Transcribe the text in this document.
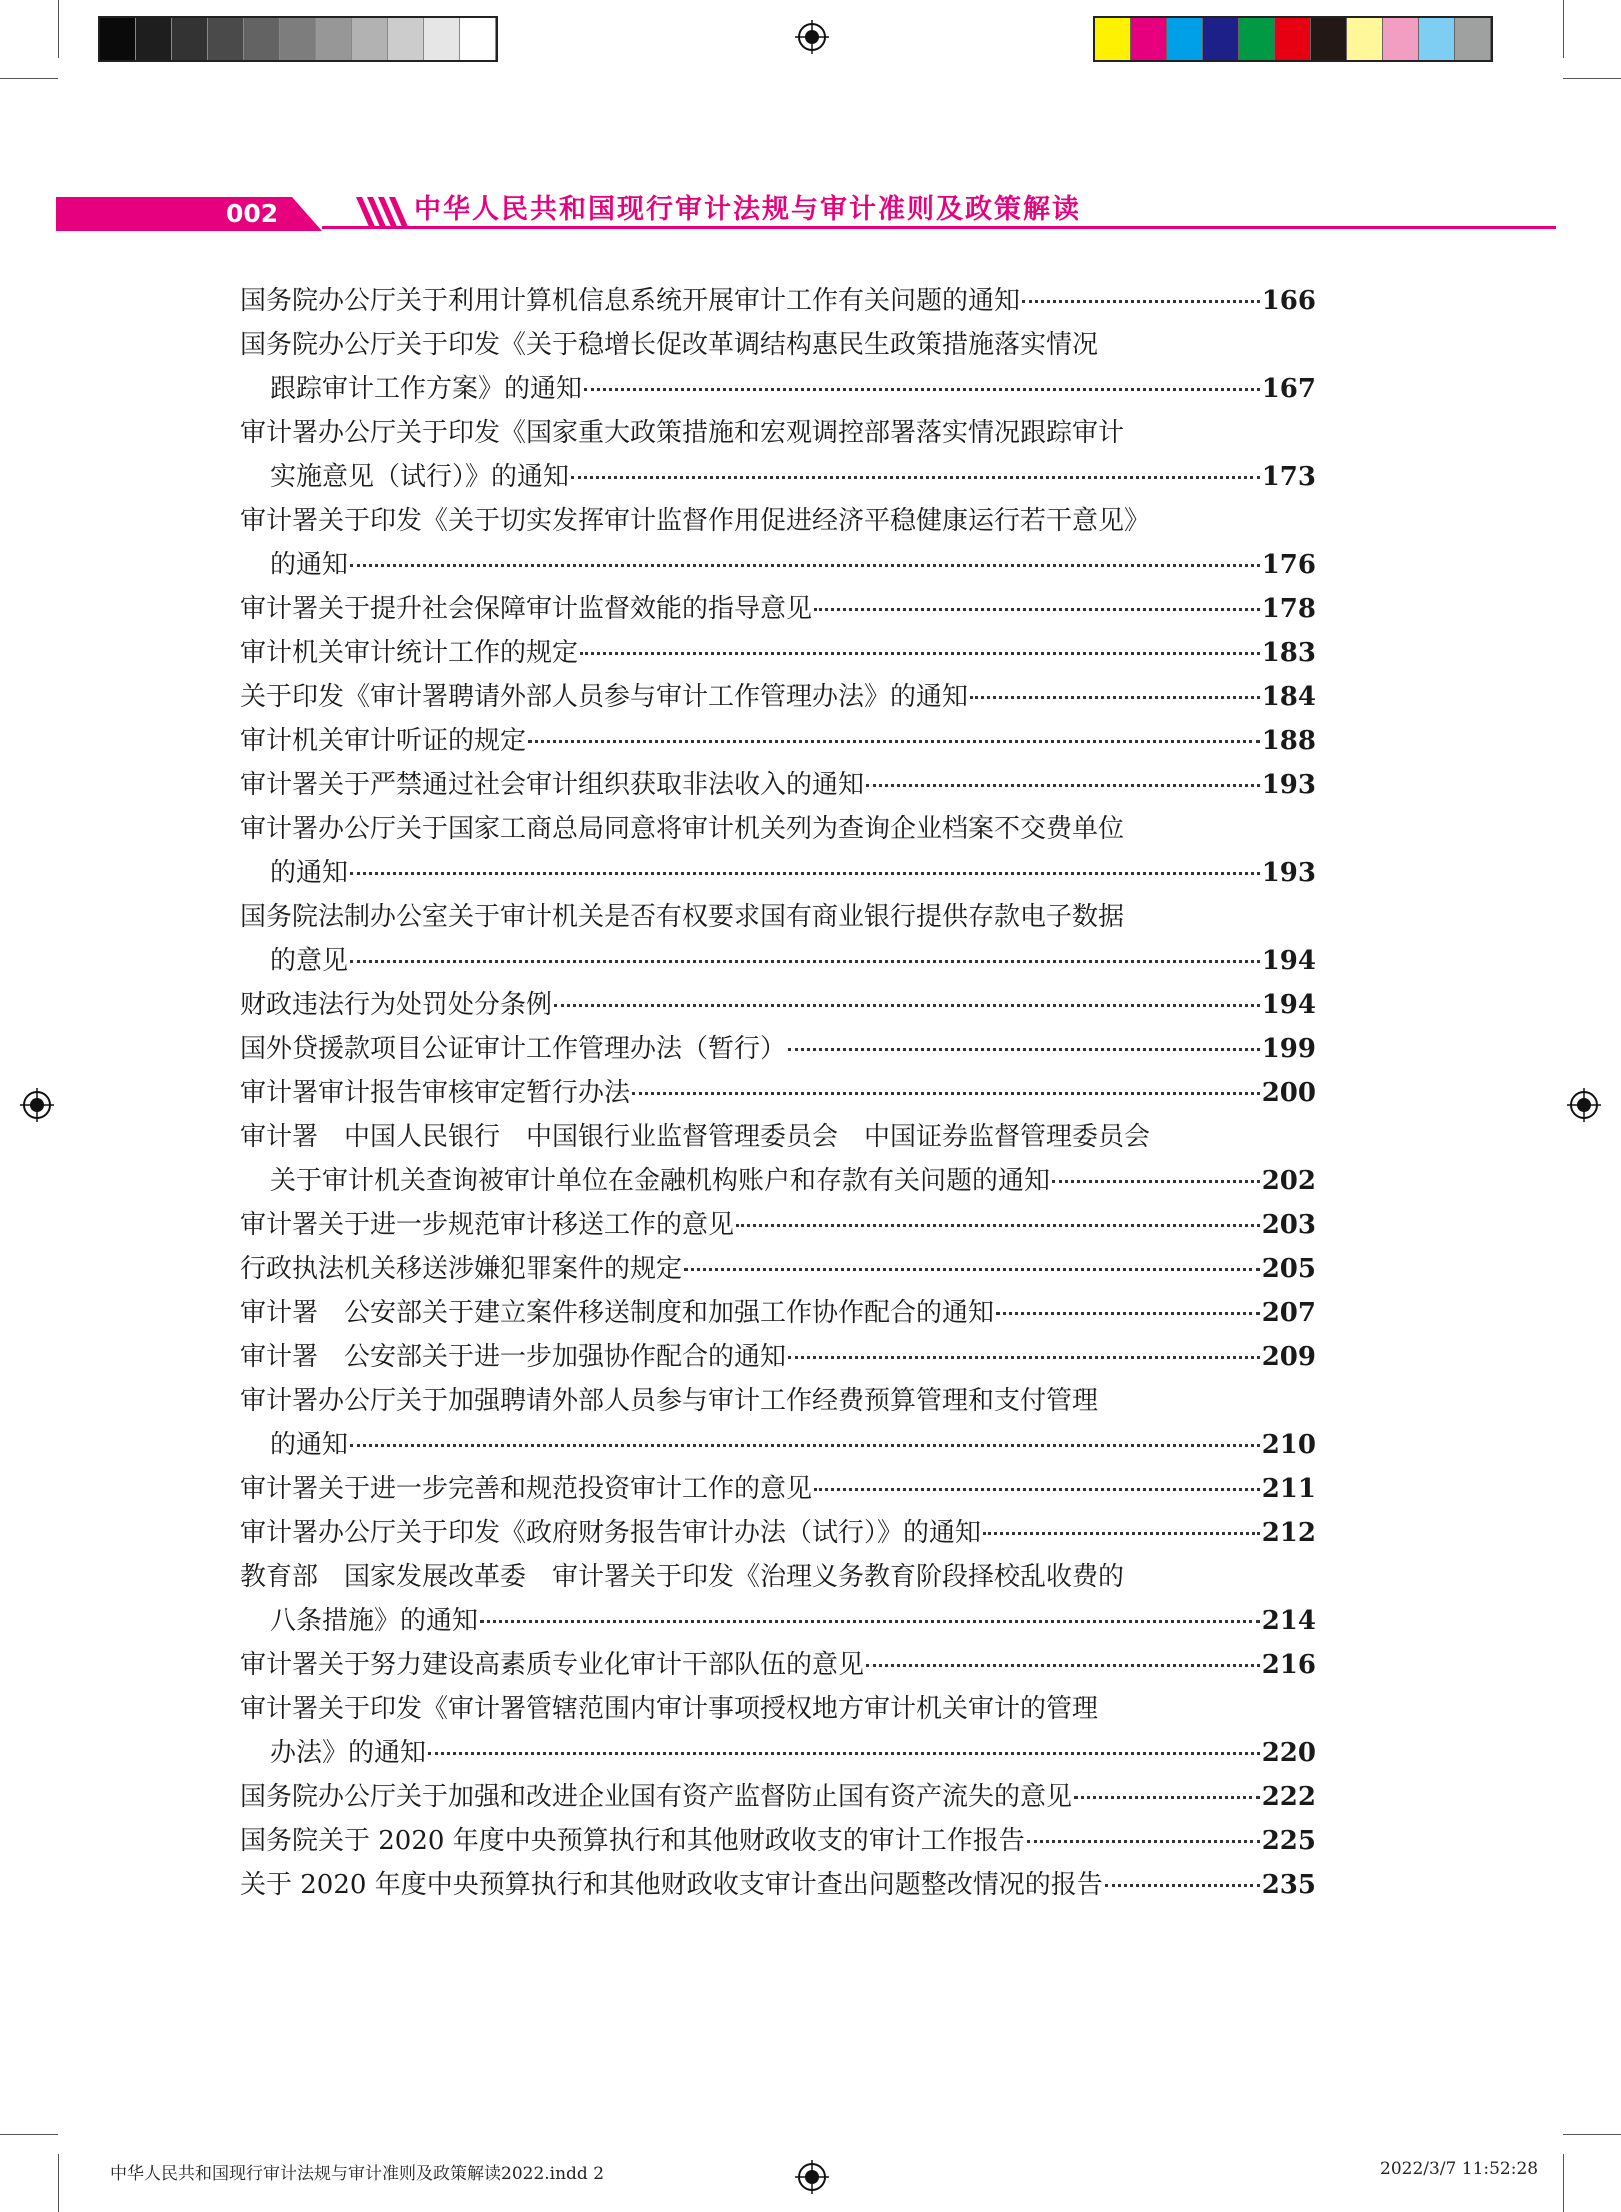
002	中华人民共和国现行审计法规与审计准则及政策解读
国务院办公厅关于利用计算机信息系统开展审计工作有关问题的通知	166
国务院办公厅关于印发《关于稳增长促改革调结构惠民生政策措施落实情况
跟踪审计工作方案》的通知	167
审计署办公厅关于印发《国家重大政策措施和宏观调控部署落实情况跟踪审计
实施意见（试行）》的通知	173
审计署关于印发《关于切实发挥审计监督作用促进经济平稳健康运行若干意见》
的通知	176
审计署关于提升社会保障审计监督效能的指导意见	178
审计机关审计统计工作的规定	183
关于印发《审计署聘请外部人员参与审计工作管理办法》的通知	184
审计机关审计听证的规定	188
审计署关于严禁通过社会审计组织获取非法收入的通知	193
审计署办公厅关于国家工商总局同意将审计机关列为查询企业档案不交费单位
的通知	193
国务院法制办公室关于审计机关是否有权要求国有商业银行提供存款电子数据
的意见	194
财政违法行为处罚处分条例	194
国外贷援款项目公证审计工作管理办法（暂行）	199
审计署审计报告审核审定暂行办法	200
审计署　中国人民银行　中国银行业监督管理委员会　中国证券监督管理委员会
关于审计机关查询被审计单位在金融机构账户和存款有关问题的通知	202
审计署关于进一步规范审计移送工作的意见	203
行政执法机关移送涉嫌犯罪案件的规定	205
审计署　公安部关于建立案件移送制度和加强工作协作配合的通知	207
审计署　公安部关于进一步加强协作配合的通知	209
审计署办公厅关于加强聘请外部人员参与审计工作经费预算管理和支付管理
的通知	210
审计署关于进一步完善和规范投资审计工作的意见	211
审计署办公厅关于印发《政府财务报告审计办法（试行）》的通知	212
教育部　国家发展改革委　审计署关于印发《治理义务教育阶段择校乱收费的
八条措施》的通知	214
审计署关于努力建设高素质专业化审计干部队伍的意见	216
审计署关于印发《审计署管辖范围内审计事项授权地方审计机关审计的管理
办法》的通知	220
国务院办公厅关于加强和改进企业国有资产监督防止国有资产流失的意见	222
国务院关于 2020 年度中央预算执行和其他财政收支的审计工作报告	225
关于 2020 年度中央预算执行和其他财政收支审计查出问题整改情况的报告	235
中华人民共和国现行审计法规与审计准则及政策解读2022.indd 2	2022/3/7 11:52:28
